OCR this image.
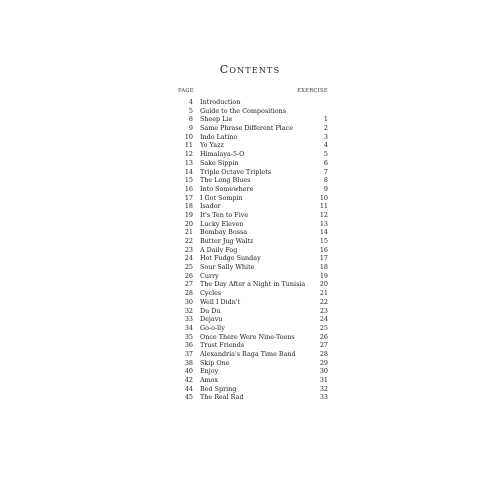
Contents
PAGE	EXERCISE
4 Introduction
5 Guide to the Compositions
8 Sheep Lie	1
9 Same Phrase Different Place	2
10 Indo Latino	3
11 Yo Yazz	4
12 Himalaya-5-O	5
13 Sake Sippin	6
14 Triple Octave Triplets	7
15 The Long Blues	8
16 Into Somewhere	9
17 I Got Sompin	10
18 Isador	11
19 It's Ten to Five	12
20 Lucky Eleven	13
21 Bombay Bossa	14
22 Butter Jug Waltz	15
23 A Daily Fog	16
24 Hot Fudge Sunday	17
25 Sour Sally White	18
26 Curry	19
27 The Day After a Night in Tunisia	20
28 Cycles	21
30 Well I Didn't	22
32 Du Du	23
33 Dejavu	24
34 Go-o-lly	25
35 Once There Were Nine-Teens	26
36 Trust Friends	27
37 Alexandria's Raga Time Band	28
38 Skip One	29
40 Enjoy	30
42 Amox	31
44 Bed Spring	32
45 The Real Rad	33
